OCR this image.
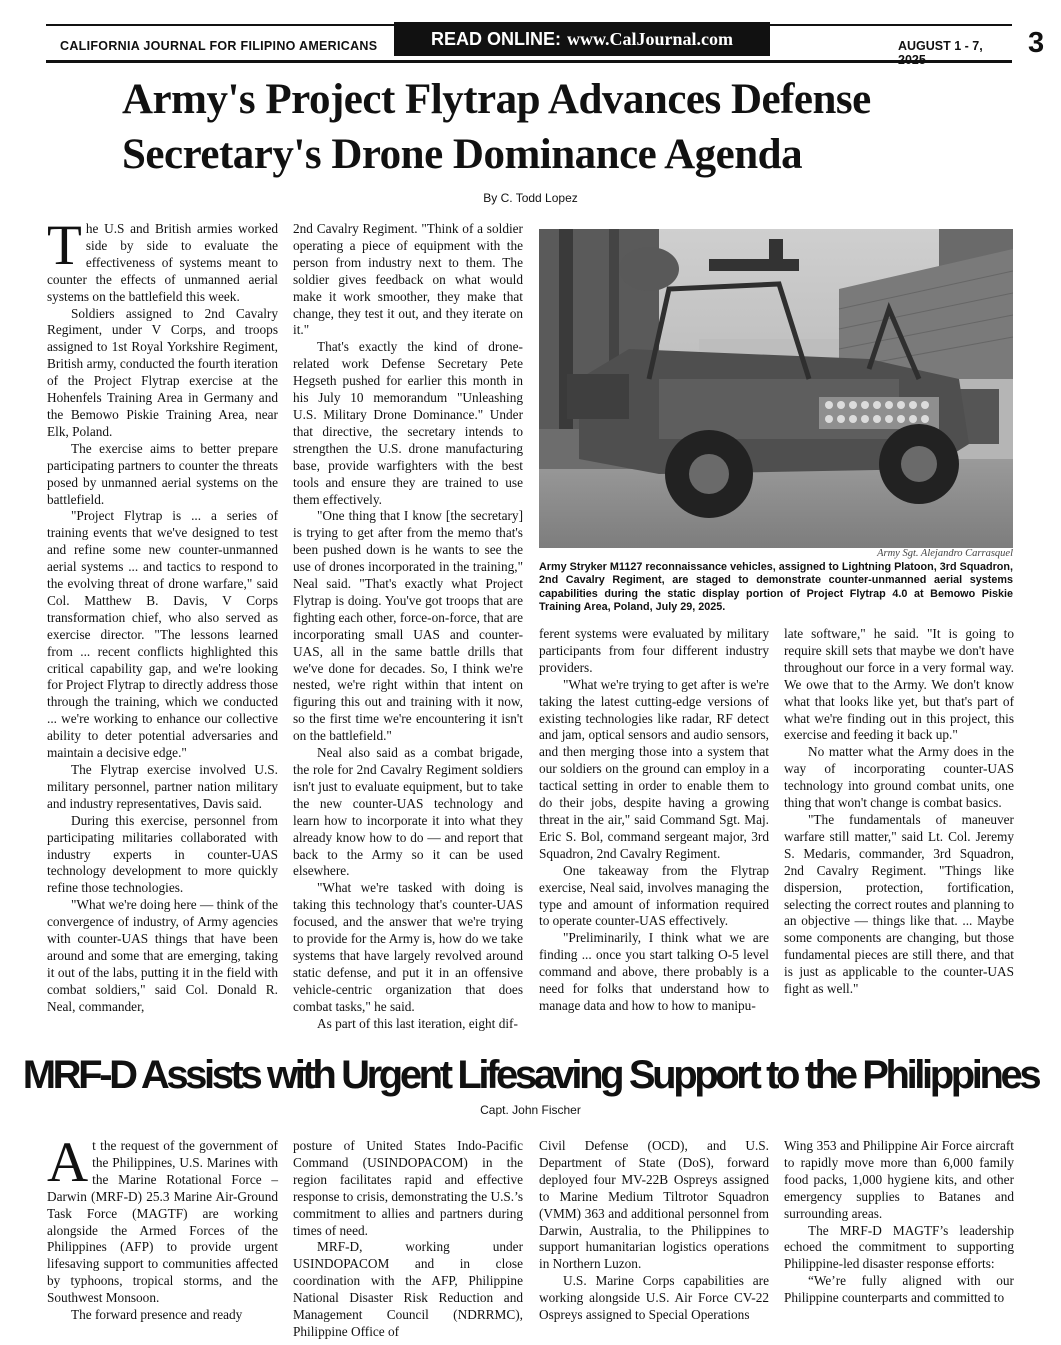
CALIFORNIA JOURNAL FOR FILIPINO AMERICANS	READ ONLINE: www.CalJournal.com	AUGUST 1 - 7, 2025
3
Army's Project Flytrap Advances Defense
Secretary's Drone Dominance Agenda
By C. Todd Lopez

The U.S and British armies worked side by side to evaluate the effectiveness of systems meant to counter the effects of unmanned aerial systems on the battlefield this week.

Soldiers assigned to 2nd Cavalry Regiment, under V Corps, and troops assigned to 1st Royal Yorkshire Regiment, British army, conducted the fourth iteration of the Project Flytrap exercise at the Hohenfels Training Area in Germany and the Bemowo Piskie Training Area, near Elk, Poland.

The exercise aims to better prepare participating partners to counter the threats posed by unmanned aerial systems on the battlefield.

"Project Flytrap is ... a series of training events that we've designed to test and refine some new counter-unmanned aerial systems ... and tactics to respond to the evolving threat of drone warfare," said Col. Matthew B. Davis, V Corps transformation chief, who also served as exercise director. "The lessons learned from ... recent conflicts highlighted this critical capability gap, and we're looking for Project Flytrap to directly address those through the training, which we conducted ... we're working to enhance our collective ability to deter potential adversaries and maintain a decisive edge."

The Flytrap exercise involved U.S. military personnel, partner nation military and industry representatives, Davis said.

During this exercise, personnel from participating militaries collaborated with industry experts in counter-UAS technology development to more quickly refine those technologies.

"What we're doing here — think of the convergence of industry, of Army agencies with counter-UAS things that have been around and some that are emerging, taking it out of the labs, putting it in the field with combat soldiers," said Col. Donald R. Neal, commander,

2nd Cavalry Regiment. "Think of a soldier operating a piece of equipment with the person from industry next to them. The soldier gives feedback on what would make it work smoother, they make that change, they test it out, and they iterate on it."

That's exactly the kind of drone-related work Defense Secretary Pete Hegseth pushed for earlier this month in his July 10 memorandum "Unleashing U.S. Military Drone Dominance." Under that directive, the secretary intends to strengthen the U.S. drone manufacturing base, provide warfighters with the best tools and ensure they are trained to use them effectively.

"One thing that I know [the secretary] is trying to get after from the memo that's been pushed down is he wants to see the use of drones incorporated in the training," Neal said. "That's exactly what Project Flytrap is doing. You've got troops that are fighting each other, force-on-force, that are incorporating small UAS and counter-UAS, all in the same battle drills that we've done for decades. So, I think we're nested, we're right within that intent on figuring this out and training with it now, so the first time we're encountering it isn't on the battlefield."

Neal also said as a combat brigade, the role for 2nd Cavalry Regiment soldiers isn't just to evaluate equipment, but to take the new counter-UAS technology and learn how to incorporate it into what they already know how to do — and report that back to the Army so it can be used elsewhere.

"What we're tasked with doing is taking this technology that's counter-UAS focused, and the answer that we're trying to provide for the Army is, how do we take systems that have largely revolved around static defense, and put it in an offensive vehicle-centric organization that does combat tasks," he said.

As part of this last iteration, eight dif-

Army Sgt. Alejandro Carrasquel
Army Stryker M1127 reconnaissance vehicles, assigned to Lightning Platoon, 3rd Squadron, 2nd Cavalry Regiment, are staged to demonstrate counter-unmanned aerial systems capabilities during the static display portion of Project Flytrap 4.0 at Bemowo Piskie Training Area, Poland, July 29, 2025.

ferent systems were evaluated by military participants from four different industry providers.

"What we're trying to get after is we're taking the latest cutting-edge versions of existing technologies like radar, RF detect and jam, optical sensors and audio sensors, and then merging those into a system that our soldiers on the ground can employ in a tactical setting in order to enable them to do their jobs, despite having a growing threat in the air," said Command Sgt. Maj. Eric S. Bol, command sergeant major, 3rd Squadron, 2nd Cavalry Regiment.

One takeaway from the Flytrap exercise, Neal said, involves managing the type and amount of information required to operate counter-UAS effectively.

"Preliminarily, I think what we are finding ... once you start talking O-5 level command and above, there probably is a need for folks that understand how to manage data and how to how to manipu-

late software," he said. "It is going to require skill sets that maybe we don't have throughout our force in a very formal way. We owe that to the Army. We don't know what that looks like yet, but that's part of what we're finding out in this project, this exercise and feeding it back up."

No matter what the Army does in the way of incorporating counter-UAS technology into ground combat units, one thing that won't change is combat basics.

"The fundamentals of maneuver warfare still matter," said Lt. Col. Jeremy S. Medaris, commander, 3rd Squadron, 2nd Cavalry Regiment. "Things like dispersion, protection, fortification, selecting the correct routes and planning to an objective — things like that. ... Maybe some components are changing, but those fundamental pieces are still there, and that is just as applicable to the counter-UAS fight as well."

MRF-D Assists with Urgent Lifesaving Support to the Philippines
Capt. John Fischer

At the request of the government of the Philippines, U.S. Marines with the Marine Rotational Force – Darwin (MRF-D) 25.3 Marine Air-Ground Task Force (MAGTF) are working alongside the Armed Forces of the Philippines (AFP) to provide urgent lifesaving support to communities affected by typhoons, tropical storms, and the Southwest Monsoon.

The forward presence and ready

posture of United States Indo-Pacific Command (USINDOPACOM) in the region facilitates rapid and effective response to crisis, demonstrating the U.S.’s commitment to allies and partners during times of need.

MRF-D, working under USINDOPACOM and in close coordination with the AFP, Philippine National Disaster Risk Reduction and Management Council (NDRRMC), Philippine Office of

Civil Defense (OCD), and U.S. Department of State (DoS), forward deployed four MV-22B Ospreys assigned to Marine Medium Tiltrotor Squadron (VMM) 363 and additional personnel from Darwin, Australia, to the Philippines to support humanitarian logistics operations in Northern Luzon.

U.S. Marine Corps capabilities are working alongside U.S. Air Force CV-22 Ospreys assigned to Special Operations

Wing 353 and Philippine Air Force aircraft to rapidly move more than 6,000 family food packs, 1,000 hygiene kits, and other emergency supplies to Batanes and surrounding areas.

The MRF-D MAGTF’s leadership echoed the commitment to supporting Philippine-led disaster response efforts:

“We’re fully aligned with our Philippine counterparts and committed to
